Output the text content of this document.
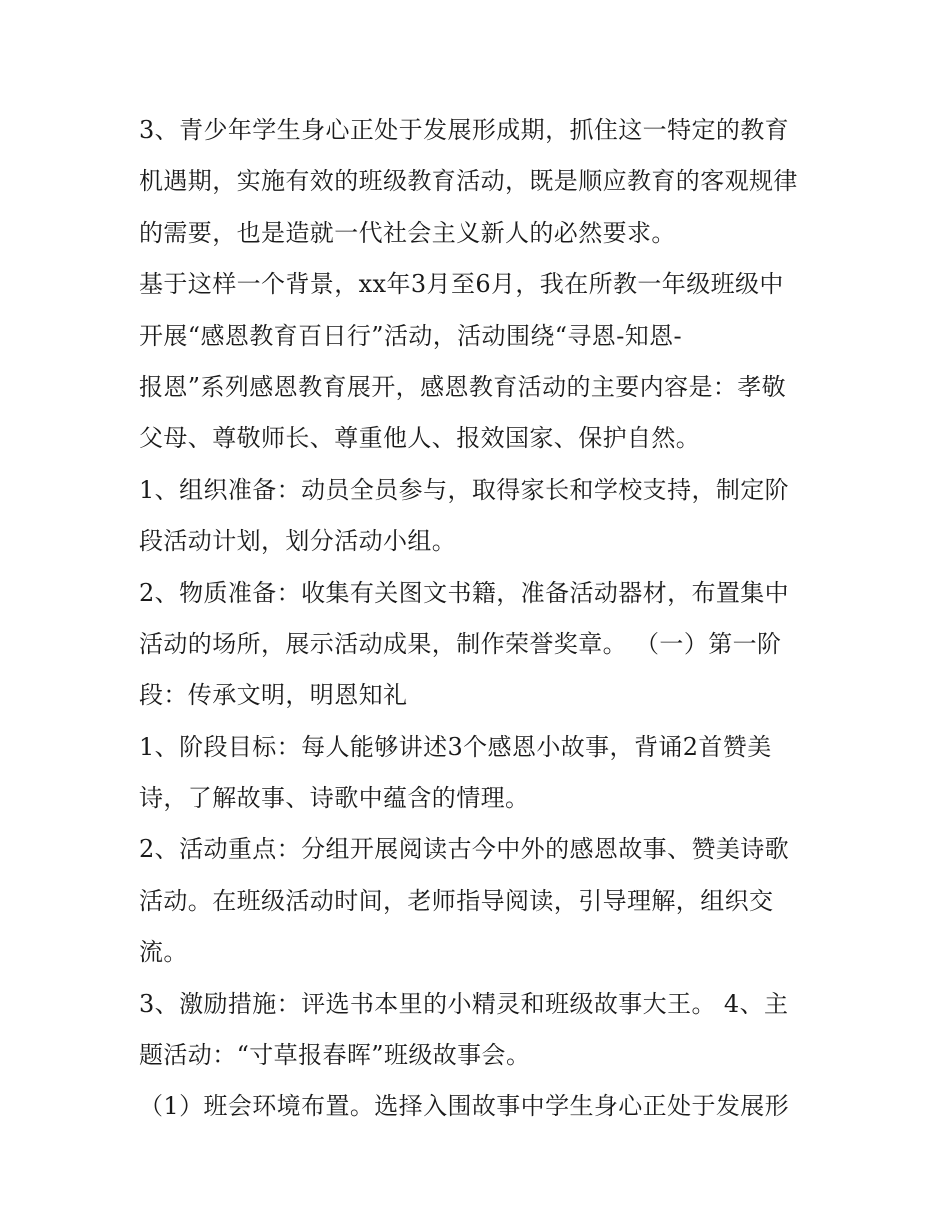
3、青少年学生身心正处于发展形成期，抓住这一特定的教育
机遇期，实施有效的班级教育活动，既是顺应教育的客观规律
的需要，也是造就一代社会主义新人的必然要求。
基于这样一个背景，xx年3月至6月，我在所教一年级班级中
开展“感恩教育百日行”活动，活动围绕“寻恩-知恩-
报恩”系列感恩教育展开，感恩教育活动的主要内容是：孝敬
父母、尊敬师长、尊重他人、报效国家、保护自然。
1、组织准备：动员全员参与，取得家长和学校支持，制定阶
段活动计划，划分活动小组。
2、物质准备：收集有关图文书籍，准备活动器材，布置集中
活动的场所，展示活动成果，制作荣誉奖章。 （一）第一阶
段：传承文明，明恩知礼
1、阶段目标：每人能够讲述3个感恩小故事，背诵2首赞美
诗，了解故事、诗歌中蕴含的情理。
2、活动重点：分组开展阅读古今中外的感恩故事、赞美诗歌
活动。在班级活动时间，老师指导阅读，引导理解，组织交
流。
3、激励措施：评选书本里的小精灵和班级故事大王。 4、主
题活动：“寸草报春晖”班级故事会。
（1）班会环境布置。选择入围故事中学生身心正处于发展形
